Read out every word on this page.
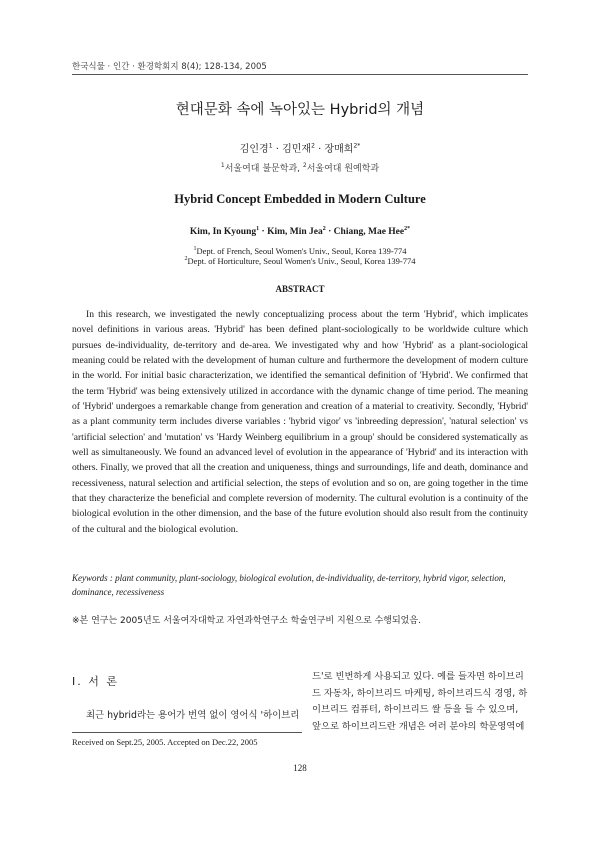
한국식물 · 인간 · 환경학회지 8(4); 128-134, 2005
현대문화 속에 녹아있는 Hybrid의 개념
김인경$^1$ · 김민재$^2$ · 장매희$^{2*}$
$^1$서울여대 불문학과, $^2$서울여대 원예학과
Hybrid Concept Embedded in Modern Culture
Kim, In Kyoung$^1$ · Kim, Min Jea$^2$ · Chiang, Mae Hee$^{2*}$
$^1$Dept. of French, Seoul Women's Univ., Seoul, Korea 139-774
$^2$Dept. of Horticulture, Seoul Women's Univ., Seoul, Korea 139-774
ABSTRACT

In this research, we investigated the newly conceptualizing process about the term 'Hybrid', which implicates novel definitions in various areas. 'Hybrid' has been defined plant-sociologically to be worldwide culture which pursues de-individuality, de-territory and de-area. We investigated why and how 'Hybrid' as a plant-sociological meaning could be related with the development of human culture and furthermore the development of modern culture in the world. For initial basic characterization, we identified the semantical definition of 'Hybrid'. We confirmed that the term 'Hybrid' was being extensively utilized in accordance with the dynamic change of time period. The meaning of 'Hybrid' undergoes a remarkable change from generation and creation of a material to creativity. Secondly, 'Hybrid' as a plant community term includes diverse variables : 'hybrid vigor' vs 'inbreeding depression', 'natural selection' vs 'artificial selection' and 'mutation' vs 'Hardy Weinberg equilibrium in a group' should be considered systematically as well as simultaneously. We found an advanced level of evolution in the appearance of 'Hybrid' and its interaction with others. Finally, we proved that all the creation and uniqueness, things and surroundings, life and death, dominance and recessiveness, natural selection and artificial selection, the steps of evolution and so on, are going together in the time that they characterize the beneficial and complete reversion of modernity. The cultural evolution is a continuity of the biological evolution in the other dimension, and the base of the future evolution should also result from the continuity of the cultural and the biological evolution.

Keywords : plant community, plant-sociology, biological evolution, de-individuality, de-territory, hybrid vigor, selection, dominance, recessiveness

※본 연구는 2005년도 서울여자대학교 자연과학연구소 학술연구비 지원으로 수행되었음.
Ⅰ. 서 론

최근 hybrid라는 용어가 번역 없이 영어식 '하이브리

Received on Sept.25, 2005. Accepted on Dec.22, 2005

드'로 빈번하게 사용되고 있다. 예를 들자면 하이브리
드 자동차, 하이브리드 마케팅, 하이브리드식 경영, 하
이브리드 컴퓨터, 하이브리드 쌀 등을 들 수 있으며,
앞으로 하이브리드란 개념은 여러 분야의 학문영역에

128
